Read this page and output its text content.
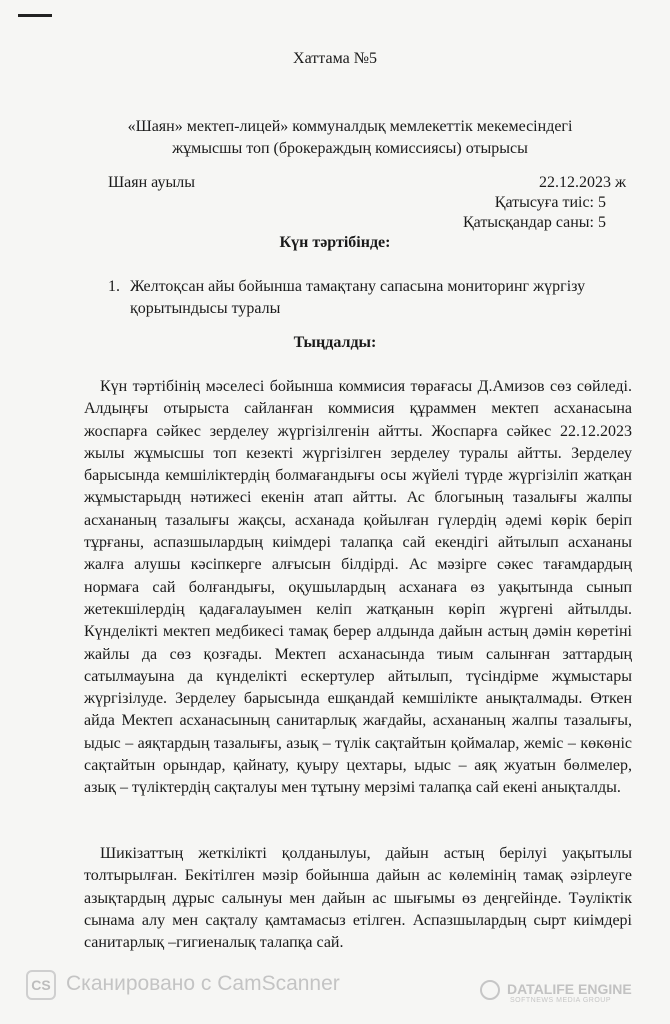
Хаттама №5
«Шаян» мектеп-лицей» коммуналдық мемлекеттік мекемесіндегі
жұмысшы топ (брокераждың комиссиясы) отырысы
Шаян ауылы	22.12.2023 ж
Қатысуға тиіс: 5
Қатысқандар саны: 5
Күн тәртібінде:
1. Желтоқсан айы бойынша тамақтану сапасына мониторинг жүргізу қорытындысы туралы
Тыңдалды:
Күн тәртібінің мәселесі бойынша коммисия төрағасы Д.Амизов сөз сөйледі. Алдыңғы отырыста сайланған коммисия құраммен мектеп асханасына жоспарға сәйкес зерделеу жүргізілгенін айтты. Жоспарға сәйкес 22.12.2023 жылы жұмысшы топ кезекті жүргізілген зерделеу туралы айтты. Зерделеу барысында кемшіліктердің болмағандығы осы жүйелі түрде жүргізіліп жатқан жұмыстарыдң нәтижесі екенін атап айтты. Ас блогының тазалығы жалпы асхананың тазалығы жақсы, асханада қойылған гүлердің әдемі көрік беріп тұрғаны, аспазшылардың киімдері талапқа сай екендігі айтылып асхананы жалға алушы кәсіпкерге алғысын білдірді. Ас мәзірге сәкес тағамдардың нормаға сай болғандығы, оқушылардың асханаға өз уақытында сынып жетекшілердің қадағалауымен келіп жатқанын көріп жүргені айтылды. Күнделікті мектеп медбикесі тамақ берер алдында дайын астың дәмін көретіні жайлы да сөз қозғады. Мектеп асханасында тиым салынған заттардың сатылмауына да күнделікті ескертулер айтылып, түсіндірме жұмыстары жүргізілуде. Зерделеу барысында ешқандай кемшілікте анықталмады. Өткен айда Мектеп асханасының санитарлық жағдайы, асхананың жалпы тазалығы, ыдыс – аяқтардың тазалығы, азық – түлік сақтайтын қоймалар, жеміс – көкөніс сақтайтын орындар, қайнату, қуыру цехтары, ыдыс – аяқ жуатын бөлмелер, азық – түліктердің сақталуы мен тұтыну мерзімі талапқа сай екені анықталды.
Шикізаттың жеткілікті қолданылуы, дайын астың берілуі уақытылы толтырылған. Бекітілген мәзір бойынша дайын ас көлемінің тамақ әзірлеуге азықтардың дұрыс салынуы мен дайын ас шығымы өз деңгейінде. Тәуліктік сынама алу мен сақталу қамтамасыз етілген. Аспазшылардың сырт киімдері санитарлық –гигиеналық талапқа сай.
CS Сканировано с CamScanner	DATALIFE ENGINE
SOFTNEWS MEDIA GROUP
